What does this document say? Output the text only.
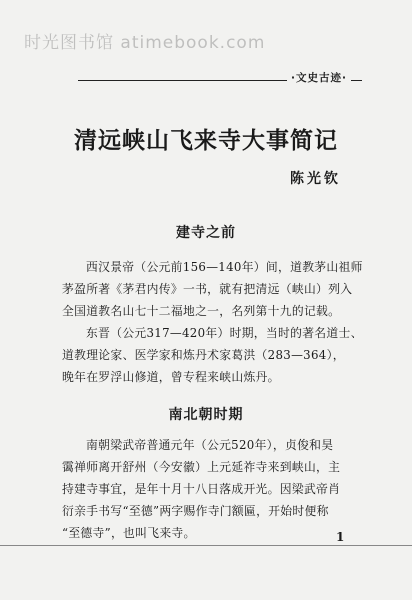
时光图书馆 atimebook.com
·文史古迹·
清远峡山飞来寺大事简记
陈光钦
建寺之前
西汉景帝（公元前156—140年）间，道教茅山祖师
茅盈所著《茅君内传》一书，就有把清远（峡山）列入
全国道教名山七十二福地之一，名列第十九的记载。
东晋（公元317—420年）时期，当时的著名道士、
道教理论家、医学家和炼丹术家葛洪（283—364），
晚年在罗浮山修道，曾专程来峡山炼丹。
南北朝时期
南朝梁武帝普通元年（公元520年），贞俊和昊
霭禅师离开舒州（今安徽）上元延祚寺来到峡山，主
持建寺事宜，是年十月十八日落成开光。因梁武帝肖
衍亲手书写“至德”两字赐作寺门额匾，开始时便称
“至德寺”，也叫飞来寺。	1
